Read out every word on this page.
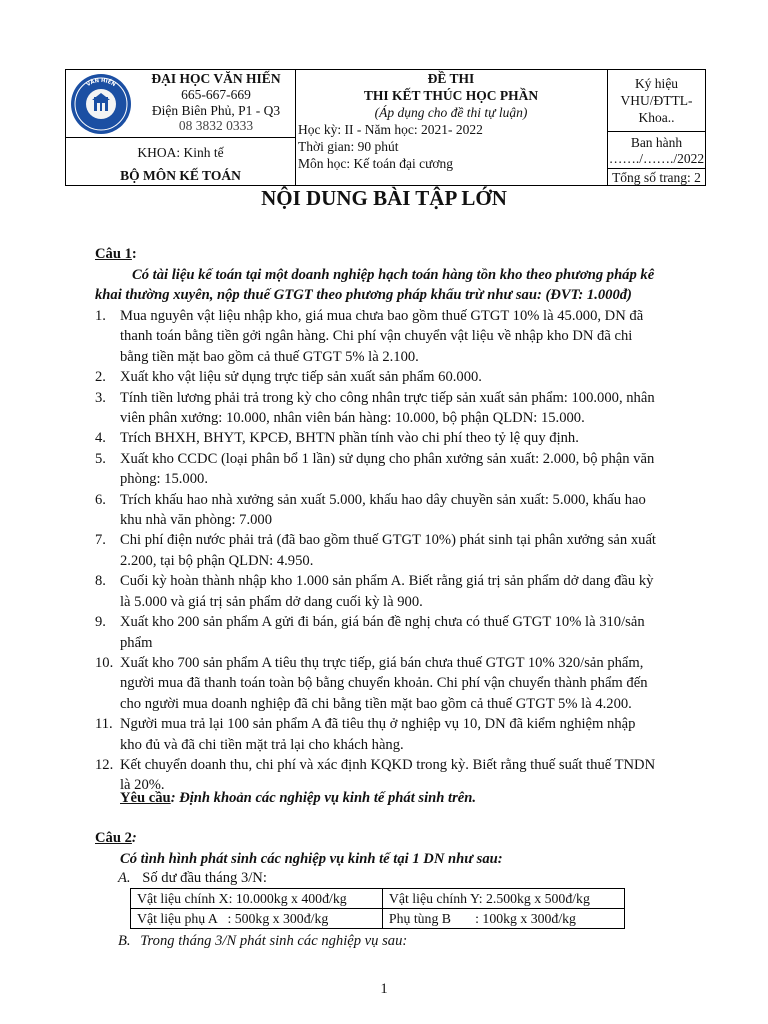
VĂN HIẾN	ĐẠI HỌC VĂN HIẾN
665-667-669
Điện Biên Phủ, P1 - Q3
08 3832 0333
KHOA: Kinh tế
BỘ MÔN KẾ TOÁN
ĐỀ THI
THI KẾT THÚC HỌC PHẦN
(Áp dụng cho đề thi tự luận)
Học kỳ: II - Năm học: 2021- 2022
Thời gian: 90 phút
Môn học: Kế toán đại cương
Ký hiệu
VHU/ĐTTL-
Khoa..
Ban hành
……./……./2022
Tổng số trang: 2
NỘI DUNG BÀI TẬP LỚN
Câu 1:
Có tài liệu kế toán tại một doanh nghiệp hạch toán hàng tồn kho theo phương pháp kê
khai thường xuyên, nộp thuế GTGT theo phương pháp khấu trừ như sau: (ĐVT: 1.000đ)
1. Mua nguyên vật liệu nhập kho, giá mua chưa bao gồm thuế GTGT 10% là 45.000, DN đã
thanh toán bằng tiền gởi ngân hàng. Chi phí vận chuyển vật liệu về nhập kho DN đã chi
bằng tiền mặt bao gồm cả thuế GTGT 5% là 2.100.
2. Xuất kho vật liệu sử dụng trực tiếp sản xuất sản phẩm 60.000.
3. Tính tiền lương phải trả trong kỳ cho công nhân trực tiếp sản xuất sản phẩm: 100.000, nhân
viên phân xưởng: 10.000, nhân viên bán hàng: 10.000, bộ phận QLDN: 15.000.
4. Trích BHXH, BHYT, KPCĐ, BHTN phần tính vào chi phí theo tỷ lệ quy định.
5. Xuất kho CCDC (loại phân bổ 1 lần) sử dụng cho phân xưởng sản xuất: 2.000, bộ phận văn
phòng: 15.000.
6. Trích khấu hao nhà xưởng sản xuất 5.000, khấu hao dây chuyền sản xuất: 5.000, khấu hao
khu nhà văn phòng: 7.000
7. Chi phí điện nước phải trả (đã bao gồm thuế GTGT 10%) phát sinh tại phân xưởng sản xuất
2.200, tại bộ phận QLDN: 4.950.
8. Cuối kỳ hoàn thành nhập kho 1.000 sản phẩm A. Biết rằng giá trị sản phẩm dở dang đầu kỳ
là 5.000 và giá trị sản phẩm dở dang cuối kỳ là 900.
9. Xuất kho 200 sản phẩm A gửi đi bán, giá bán đề nghị chưa có thuế GTGT 10% là 310/sản
phẩm
10. Xuất kho 700 sản phẩm A tiêu thụ trực tiếp, giá bán chưa thuế GTGT 10% 320/sản phẩm,
người mua đã thanh toán toàn bộ bằng chuyển khoản. Chi phí vận chuyển thành phẩm đến
cho người mua doanh nghiệp đã chi bằng tiền mặt bao gồm cả thuế GTGT 5% là 4.200.
11. Người mua trả lại 100 sản phẩm A đã tiêu thụ ở nghiệp vụ 10, DN đã kiểm nghiệm nhập
kho đủ và đã chi tiền mặt trả lại cho khách hàng.
12. Kết chuyển doanh thu, chi phí và xác định KQKD trong kỳ. Biết rằng thuế suất thuế TNDN
là 20%.
Yêu cầu: Định khoản các nghiệp vụ kinh tế phát sinh trên.
Câu 2:
Có tình hình phát sinh các nghiệp vụ kinh tế tại 1 DN như sau:
A. Số dư đầu tháng 3/N:
Vật liệu chính X: 10.000kg x 400đ/kg	Vật liệu chính Y: 2.500kg x 500đ/kg
Vật liệu phụ A   : 500kg x 300đ/kg	Phụ tùng B       : 100kg x 300đ/kg
B. Trong tháng 3/N phát sinh các nghiệp vụ sau:
1
